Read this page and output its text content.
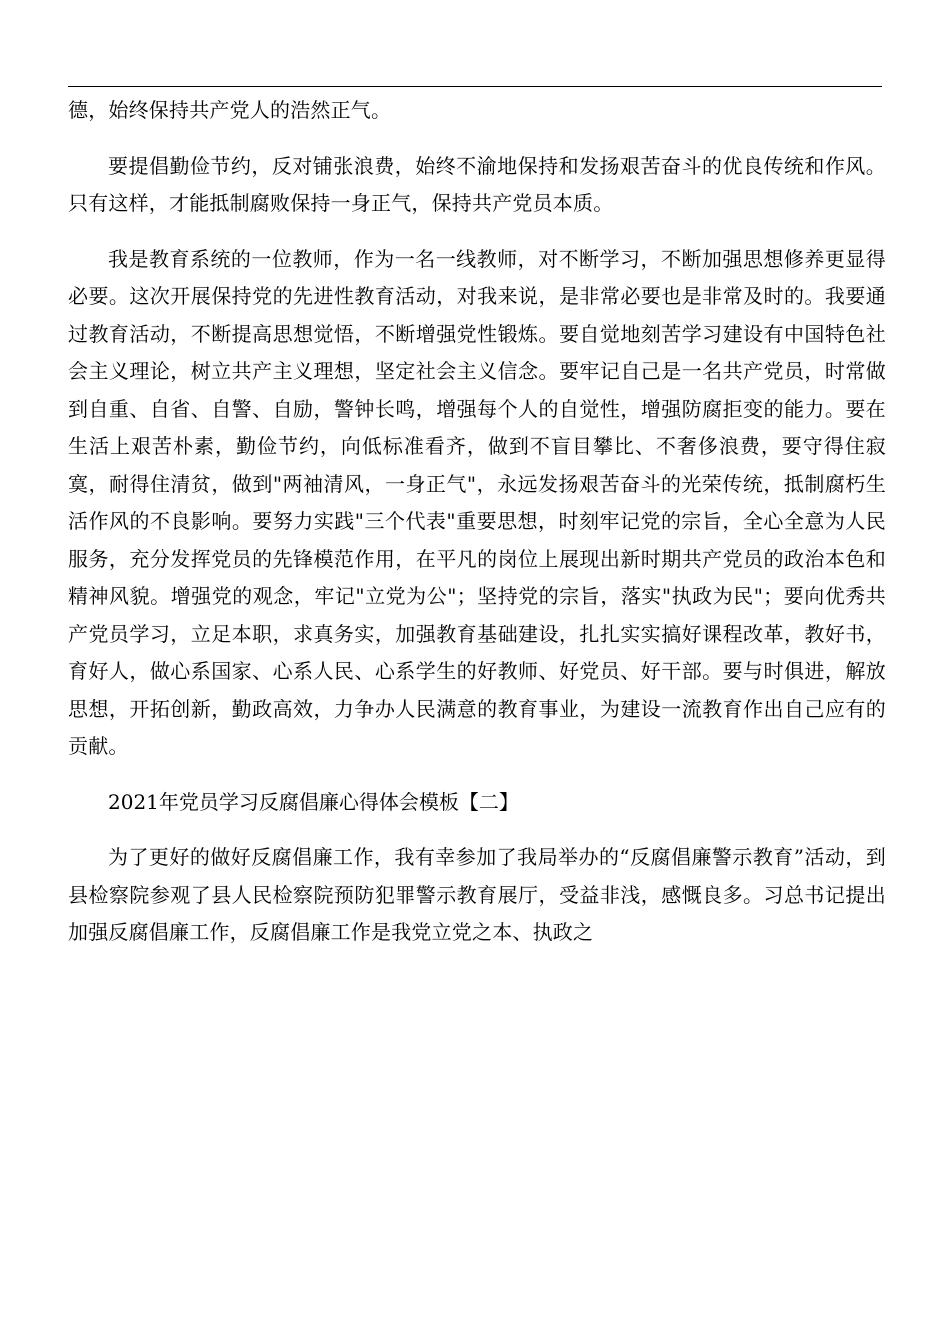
德，始终保持共产党人的浩然正气。

要提倡勤俭节约，反对铺张浪费，始终不渝地保持和发扬艰苦奋斗的优良传统和作风。只有这样，才能抵制腐败保持一身正气，保持共产党员本质。

我是教育系统的一位教师，作为一名一线教师，对不断学习，不断加强思想修养更显得必要。这次开展保持党的先进性教育活动，对我来说，是非常必要也是非常及时的。我要通过教育活动，不断提高思想觉悟，不断增强党性锻炼。要自觉地刻苦学习建设有中国特色社会主义理论，树立共产主义理想，坚定社会主义信念。要牢记自己是一名共产党员，时常做到自重、自省、自警、自励，警钟长鸣，增强每个人的自觉性，增强防腐拒变的能力。要在生活上艰苦朴素，勤俭节约，向低标准看齐，做到不盲目攀比、不奢侈浪费，要守得住寂寞，耐得住清贫，做到"两袖清风，一身正气"，永远发扬艰苦奋斗的光荣传统，抵制腐朽生活作风的不良影响。要努力实践"三个代表"重要思想，时刻牢记党的宗旨，全心全意为人民服务，充分发挥党员的先锋模范作用，在平凡的岗位上展现出新时期共产党员的政治本色和精神风貌。增强党的观念，牢记"立党为公"；坚持党的宗旨，落实"执政为民"；要向优秀共产党员学习，立足本职，求真务实，加强教育基础建设，扎扎实实搞好课程改革，教好书，育好人，做心系国家、心系人民、心系学生的好教师、好党员、好干部。要与时俱进，解放思想，开拓创新，勤政高效，力争办人民满意的教育事业，为建设一流教育作出自己应有的贡献。

2021年党员学习反腐倡廉心得体会模板【二】

为了更好的做好反腐倡廉工作，我有幸参加了我局举办的“反腐倡廉警示教育”活动，到县检察院参观了县人民检察院预防犯罪警示教育展厅，受益非浅，感慨良多。习总书记提出加强反腐倡廉工作，反腐倡廉工作是我党立党之本、执政之
